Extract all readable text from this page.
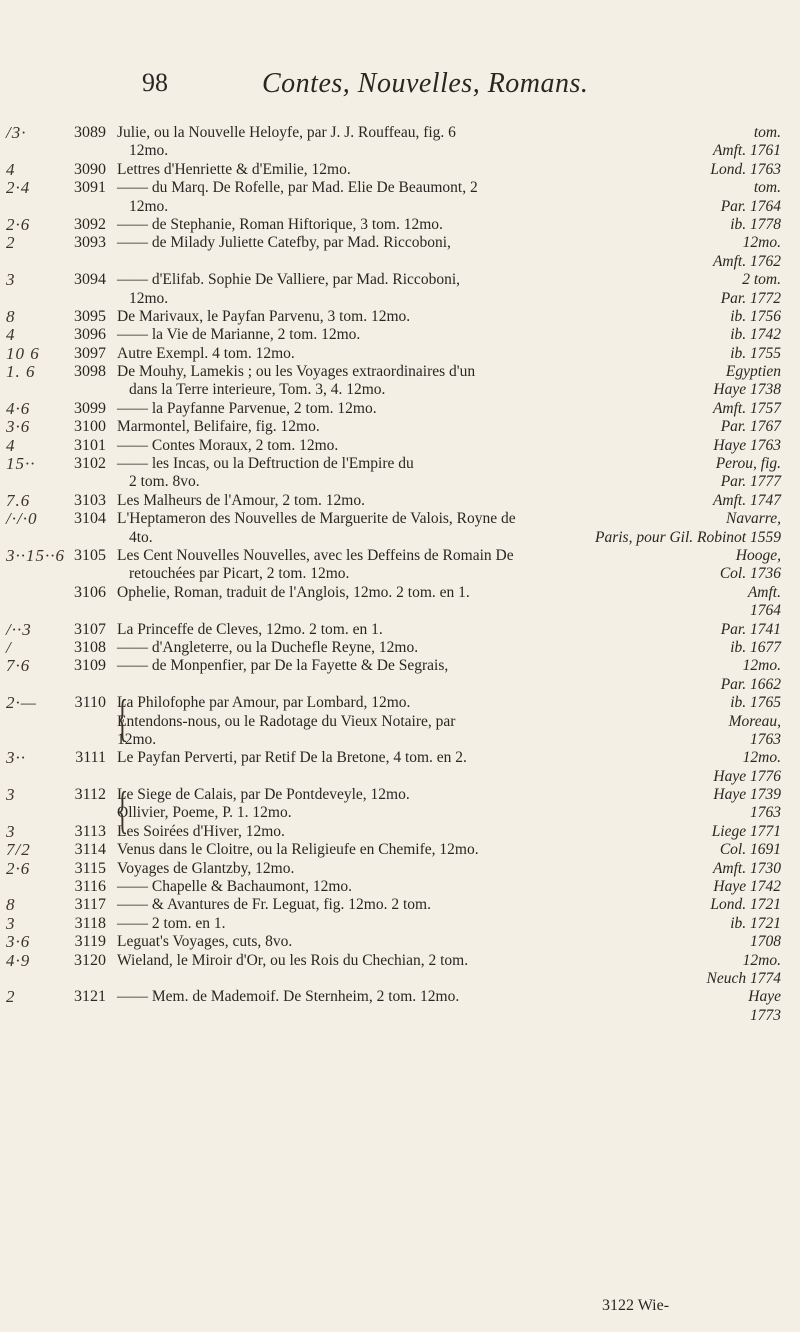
98	Contes, Nouvelles, Romans.
/3·	3089 Julie, ou la Nouvelle Heloyfe, par J. J. Rouffeau, fig. 6	tom.
12mo.	Amft. 1761
4	3090 Lettres d'Henriette & d'Emilie, 12mo.	Lond. 1763
2·4	3091 —— du Marq. De Rofelle, par Mad. Elie De Beaumont, 2	tom.
12mo.	Par. 1764
2·6	3092 —— de Stephanie, Roman Hiftorique, 3 tom. 12mo.	ib. 1778
2	3093 —— de Milady Juliette Catefby, par Mad. Riccoboni,	12mo.
Amft. 1762
3	3094 —— d'Elifab. Sophie De Valliere, par Mad. Riccoboni,	2 tom.
12mo.	Par. 1772
8	3095 De Marivaux, le Payfan Parvenu, 3 tom. 12mo.	ib. 1756
4	3096 —— la Vie de Marianne, 2 tom. 12mo.	ib. 1742
10 6	3097 Autre Exempl. 4 tom. 12mo.	ib. 1755
1. 6	3098 De Mouhy, Lamekis ; ou les Voyages extraordinaires d'un	Egyptien
dans la Terre interieure, Tom. 3, 4. 12mo.	Haye 1738
4·6	3099 —— la Payfanne Parvenue, 2 tom. 12mo.	Amft. 1757
3·6	3100 Marmontel, Belifaire, fig. 12mo.	Par. 1767
4	3101 —— Contes Moraux, 2 tom. 12mo.	Haye 1763
15··	3102 —— les Incas, ou la Deftruction de l'Empire du	Perou, fig.
2 tom. 8vo.	Par. 1777
7.6	3103 Les Malheurs de l'Amour, 2 tom. 12mo.	Amft. 1747
/·/·0	3104 L'Heptameron des Nouvelles de Marguerite de Valois, Royne de	Navarre,
4to.	Paris, pour Gil. Robinot 1559
3··15··6 3105 Les Cent Nouvelles Nouvelles, avec les Deffeins de Romain De	Hooge,
retouchées par Picart, 2 tom. 12mo.	Col. 1736
3106 Ophelie, Roman, traduit de l'Anglois, 12mo. 2 tom. en 1.	Amft.
1764
/··3	3107 La Princeffe de Cleves, 12mo. 2 tom. en 1.	Par. 1741
/	3108 —— d'Angleterre, ou la Duchefle Reyne, 12mo.	ib. 1677
7·6	3109 —— de Monpenfier, par De la Fayette & De Segrais,	12mo.
Par. 1662
2·—	3110 {
La Philofophe par Amour, par Lombard, 12mo.	ib. 1765
Entendons-nous, ou le Radotage du Vieux Notaire, par	Moreau,
12mo.	1763
3··	3111 Le Payfan Perverti, par Retif De la Bretone, 4 tom. en 2.	12mo.
Haye 1776
3	3112 {
Le Siege de Calais, par De Pontdeveyle, 12mo.	Haye 1739
Ollivier, Poeme, P. 1. 12mo.	1763
3	3113 Les Soirées d'Hiver, 12mo.	Liege 1771
7/2	3114 Venus dans le Cloitre, ou la Religieufe en Chemife, 12mo.	Col. 1691
2·6	3115 Voyages de Glantzby, 12mo.	Amft. 1730
3116 —— Chapelle & Bachaumont, 12mo.	Haye 1742
8	3117 —— & Avantures de Fr. Leguat, fig. 12mo. 2 tom.	Lond. 1721
3	3118 —— 2 tom. en 1.	ib. 1721
3·6	3119 Leguat's Voyages, cuts, 8vo.	1708
4·9	3120 Wieland, le Miroir d'Or, ou les Rois du Chechian, 2 tom.	12mo.
Neuch 1774
2	3121 —— Mem. de Mademoif. De Sternheim, 2 tom. 12mo.	Haye
1773
3122 Wie-
